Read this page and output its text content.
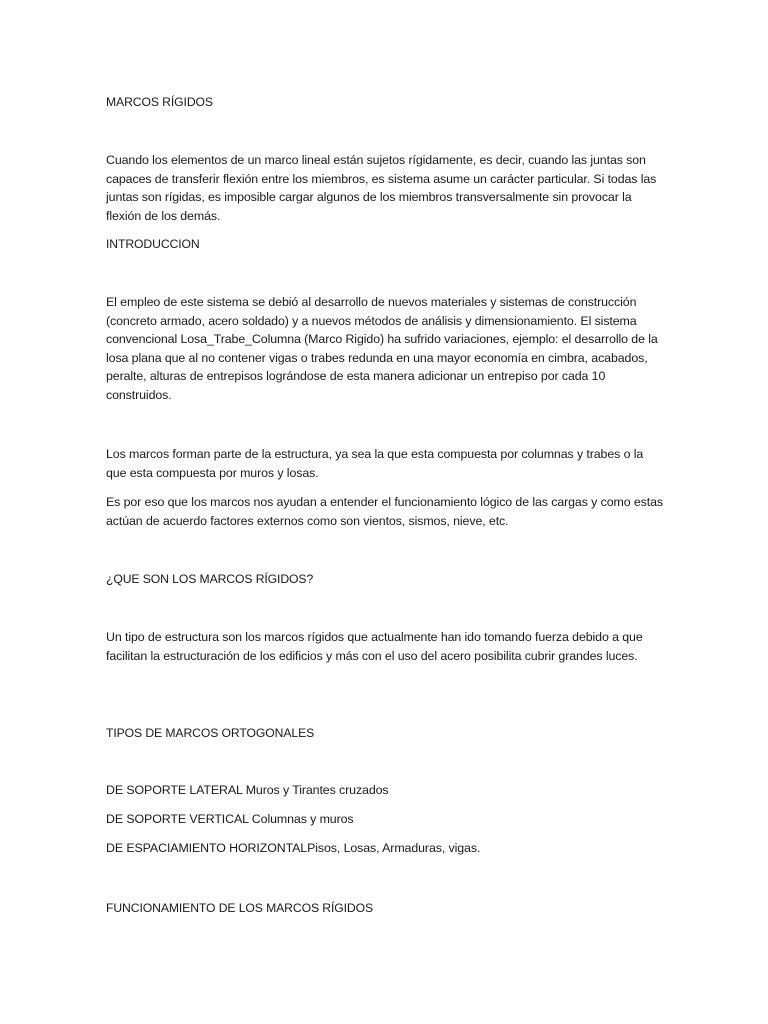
MARCOS RÍGIDOS

Cuando los elementos de un marco lineal están sujetos rígidamente, es decir, cuando las juntas son capaces de transferir flexión entre los miembros, es sistema asume un carácter particular. Si todas las juntas son rígidas, es imposible cargar algunos de los miembros transversalmente sin provocar la flexión de los demás.

INTRODUCCION

El empleo de este sistema se debió al desarrollo de nuevos materiales y sistemas de construcción (concreto armado, acero soldado) y a nuevos métodos de análisis y dimensionamiento. El sistema convencional Losa_Trabe_Columna (Marco Rigido) ha sufrido variaciones, ejemplo: el desarrollo de la losa plana que al no contener vigas o trabes redunda en una mayor economía en cimbra, acabados, peralte, alturas de entrepisos lográndose de esta manera adicionar un entrepiso por cada 10 construidos.

Los marcos forman parte de la estructura, ya sea la que esta compuesta por columnas y trabes o la que esta compuesta por muros y losas.

Es por eso que los marcos nos ayudan a entender el funcionamiento lógico de las cargas y como estas actúan de acuerdo factores externos como son vientos, sismos, nieve, etc.

¿QUE SON LOS MARCOS RÍGIDOS?

Un tipo de estructura son los marcos rígidos que actualmente han ido tomando fuerza debido a que facilitan la estructuración de los edificios y más con el uso del acero posibilita cubrir grandes luces.

TIPOS DE MARCOS ORTOGONALES

DE SOPORTE LATERAL Muros y Tirantes cruzados

DE SOPORTE VERTICAL Columnas y muros

DE ESPACIAMIENTO HORIZONTALPisos, Losas, Armaduras, vigas.

FUNCIONAMIENTO DE LOS MARCOS RÍGIDOS
